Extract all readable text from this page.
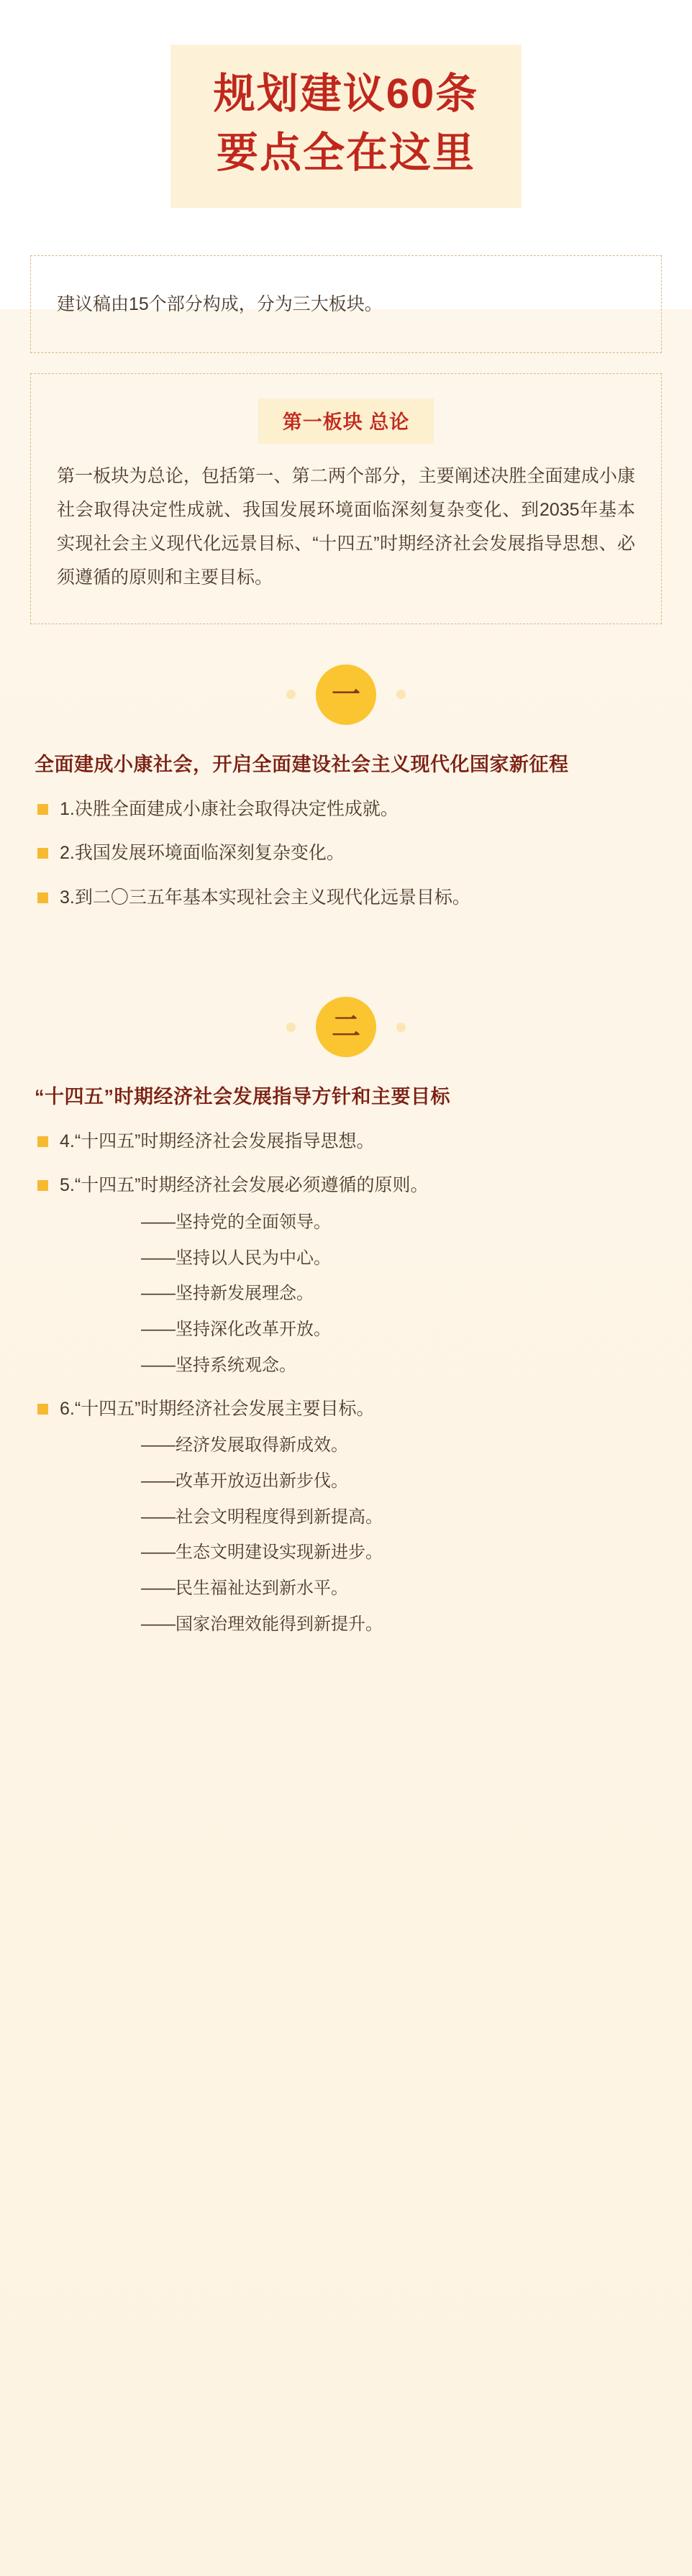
规划建议60条
要点全在这里
建议稿由15个部分构成，分为三大板块。
第一板块 总论
第一板块为总论，包括第一、第二两个部分，主要阐述决胜全面建成小康社会取得决定性成就、我国发展环境面临深刻复杂变化、到2035年基本实现社会主义现代化远景目标、“十四五”时期经济社会发展指导思想、必须遵循的原则和主要目标。
一
全面建成小康社会，开启全面建设社会主义现代化国家新征程
1.决胜全面建成小康社会取得决定性成就。
2.我国发展环境面临深刻复杂变化。
3.到二〇三五年基本实现社会主义现代化远景目标。
二
“十四五”时期经济社会发展指导方针和主要目标
4.“十四五”时期经济社会发展指导思想。
5.“十四五”时期经济社会发展必须遵循的原则。
——坚持党的全面领导。
——坚持以人民为中心。
——坚持新发展理念。
——坚持深化改革开放。
——坚持系统观念。
6.“十四五”时期经济社会发展主要目标。
——经济发展取得新成效。
——改革开放迈出新步伐。
——社会文明程度得到新提高。
——生态文明建设实现新进步。
——民生福祉达到新水平。
——国家治理效能得到新提升。
